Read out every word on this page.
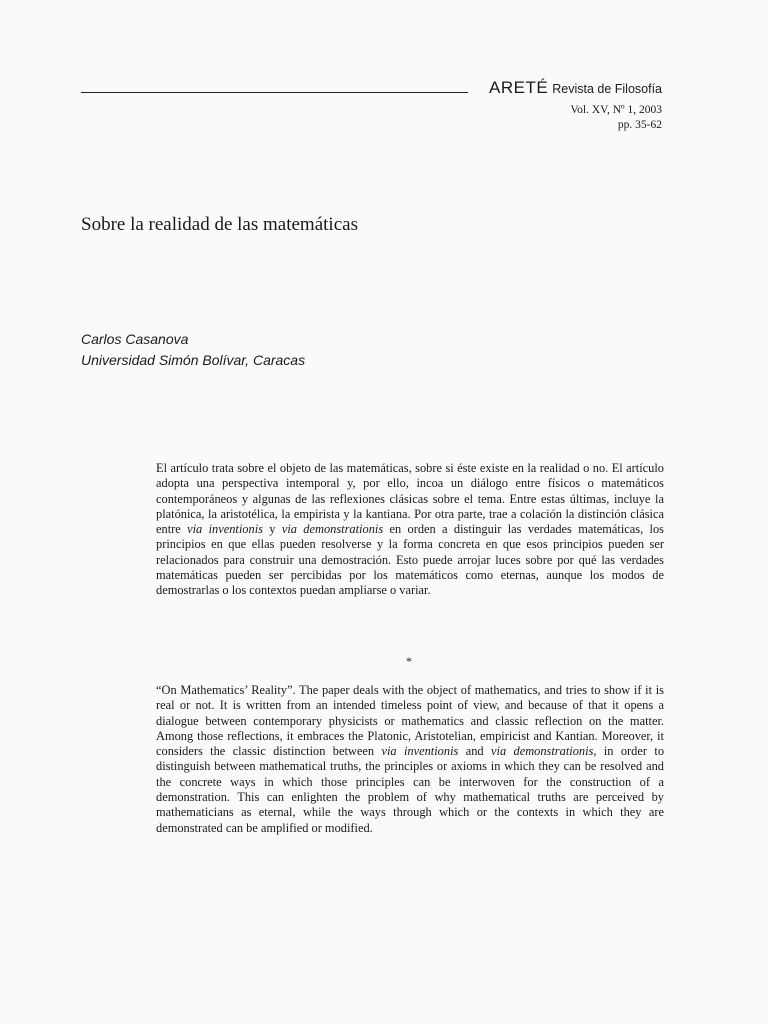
ARETÉ Revista de Filosofía
Vol. XV, Nº 1, 2003
pp. 35-62
Sobre la realidad de las matemáticas
Carlos Casanova
Universidad Simón Bolívar, Caracas

El artículo trata sobre el objeto de las matemáticas, sobre si éste existe en la realidad o no. El artículo adopta una perspectiva intemporal y, por ello, incoa un diálogo entre físicos o matemáticos contemporáneos y algunas de las reflexiones clásicas sobre el tema. Entre estas últimas, incluye la platónica, la aristotélica, la empirista y la kantiana. Por otra parte, trae a colación la distinción clásica entre via inventionis y via demonstrationis en orden a distinguir las verdades matemáticas, los principios en que ellas pueden resolverse y la forma concreta en que esos principios pueden ser relacionados para construir una demostración. Esto puede arrojar luces sobre por qué las verdades matemáticas pueden ser percibidas por los matemáticos como eternas, aunque los modos de demostrarlas o los contextos puedan ampliarse o variar.

*

“On Mathematics’ Reality”. The paper deals with the object of mathematics, and tries to show if it is real or not. It is written from an intended timeless point of view, and because of that it opens a dialogue between contemporary physicists or mathematics and classic reflection on the matter. Among those reflections, it embraces the Platonic, Aristotelian, empiricist and Kantian. Moreover, it considers the classic distinction between via inventionis and via demonstrationis, in order to distinguish between mathematical truths, the principles or axioms in which they can be resolved and the concrete ways in which those principles can be interwoven for the construction of a demonstration. This can enlighten the problem of why mathematical truths are perceived by mathematicians as eternal, while the ways through which or the contexts in which they are demonstrated can be amplified or modified.
